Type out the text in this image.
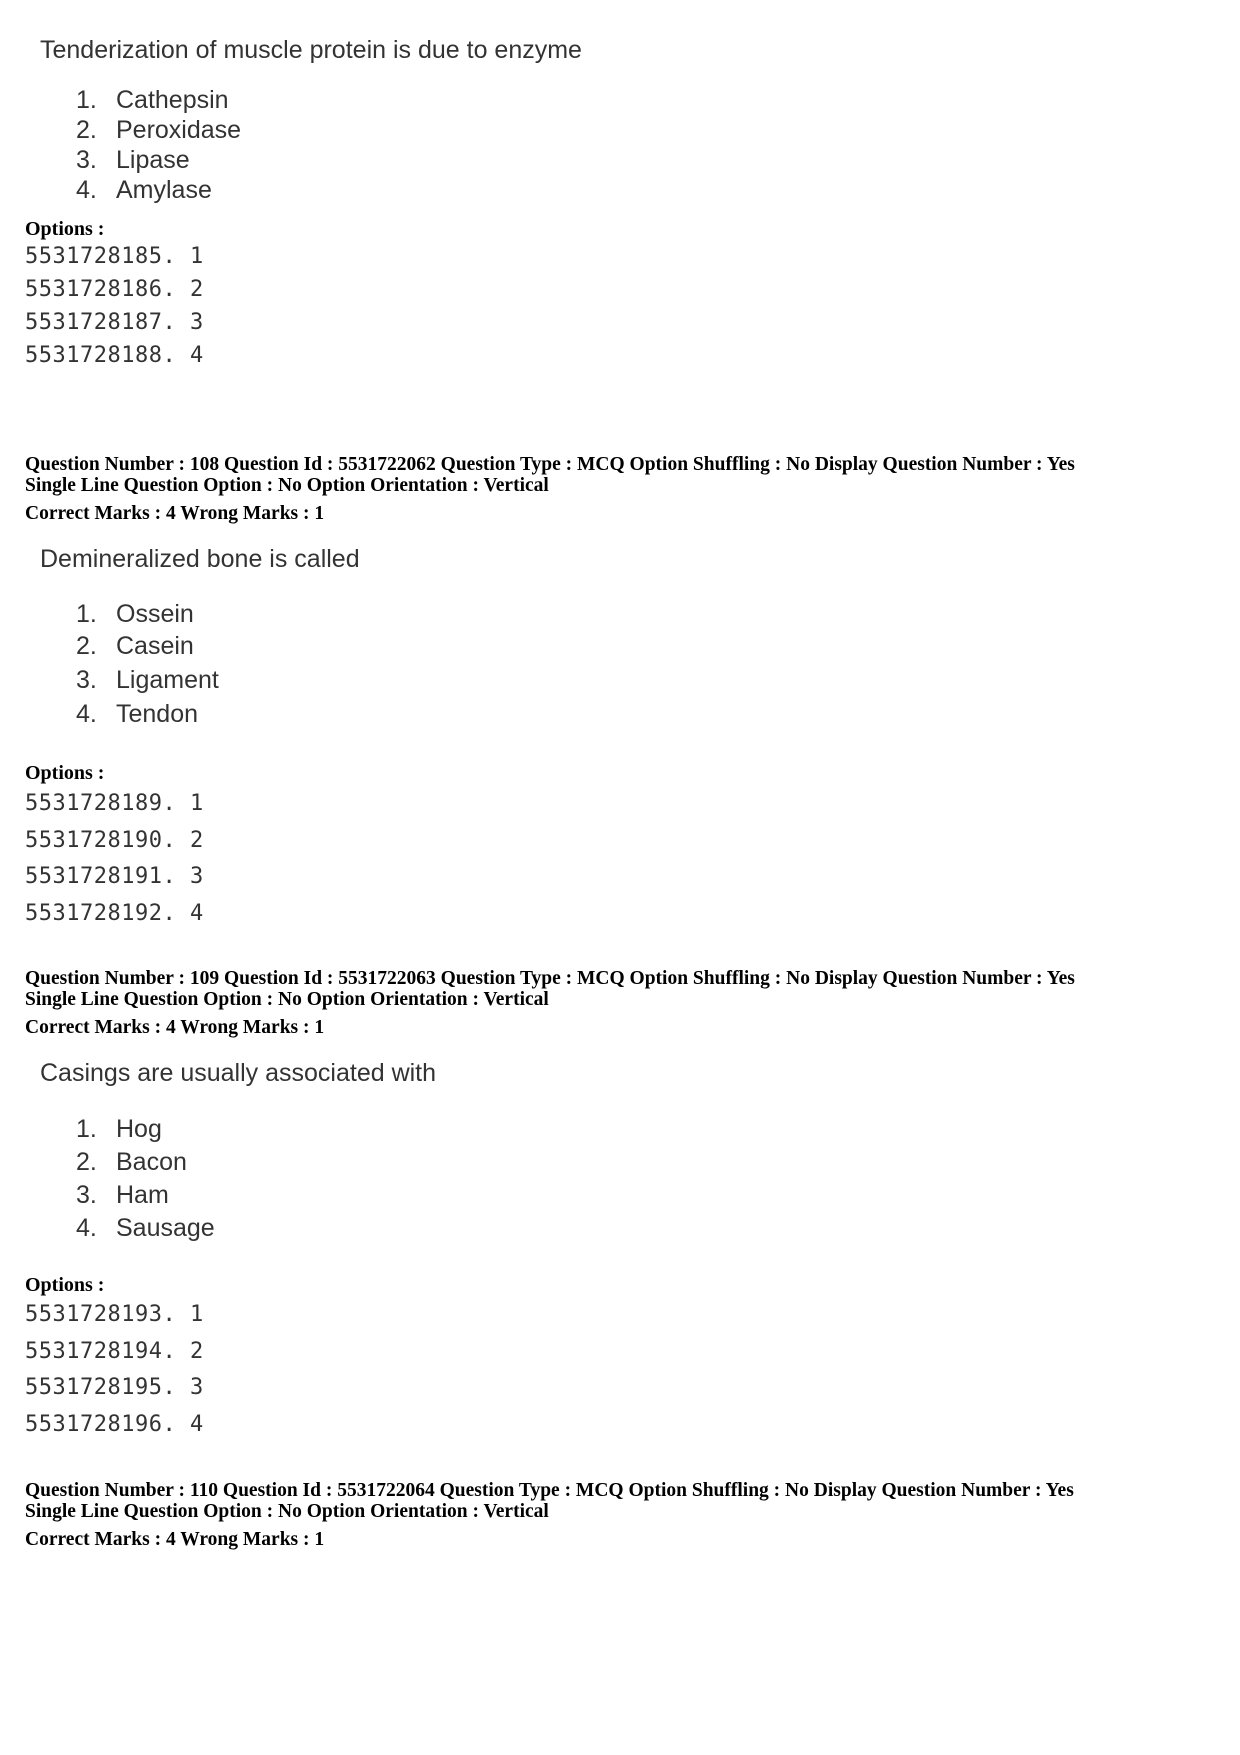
Tenderization of muscle protein is due to enzyme
1. Cathepsin
2. Peroxidase
3. Lipase
4. Amylase
Options :
5531728185. 1
5531728186. 2
5531728187. 3
5531728188. 4
Question Number : 108 Question Id : 5531722062 Question Type : MCQ Option Shuffling : No Display Question Number : Yes
Single Line Question Option : No Option Orientation : Vertical
Correct Marks : 4 Wrong Marks : 1
Demineralized bone is called
1. Ossein
2. Casein
3. Ligament
4. Tendon
Options :
5531728189. 1
5531728190. 2
5531728191. 3
5531728192. 4
Question Number : 109 Question Id : 5531722063 Question Type : MCQ Option Shuffling : No Display Question Number : Yes
Single Line Question Option : No Option Orientation : Vertical
Correct Marks : 4 Wrong Marks : 1
Casings are usually associated with
1. Hog
2. Bacon
3. Ham
4. Sausage
Options :
5531728193. 1
5531728194. 2
5531728195. 3
5531728196. 4
Question Number : 110 Question Id : 5531722064 Question Type : MCQ Option Shuffling : No Display Question Number : Yes
Single Line Question Option : No Option Orientation : Vertical
Correct Marks : 4 Wrong Marks : 1
